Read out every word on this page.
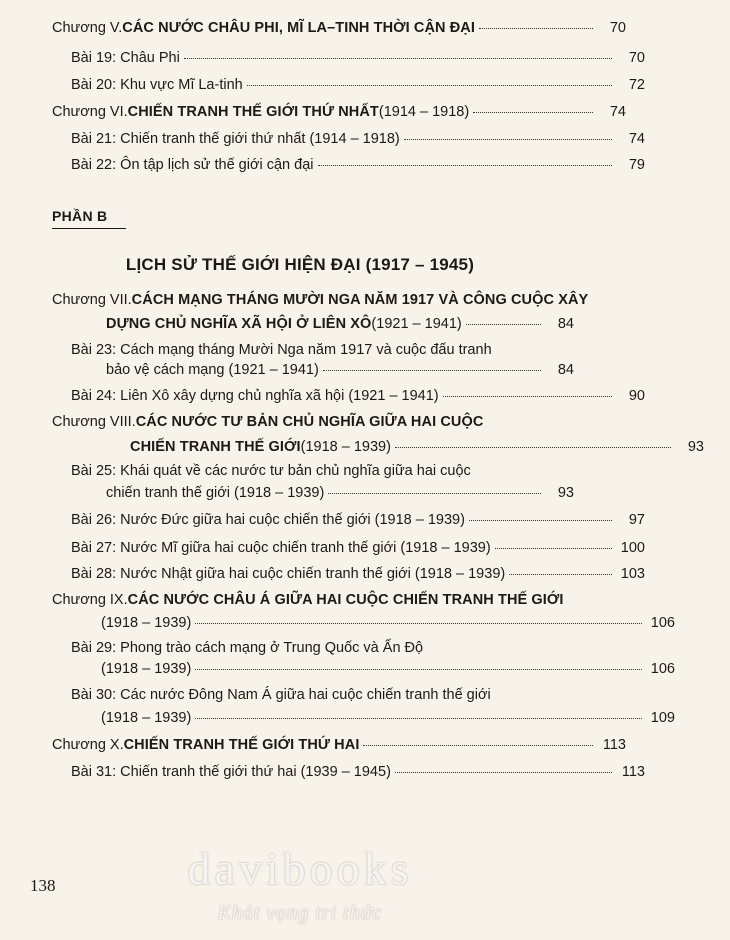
Chương V. CÁC NƯỚC CHÂU PHI, MĨ LA–TINH THỜI CẬN ĐẠI	70
Bài 19: Châu Phi	70
Bài 20: Khu vực Mĩ La-tinh	72
Chương VI. CHIẾN TRANH THẾ GIỚI THỨ NHẤT (1914 – 1918)	74
Bài 21: Chiến tranh thế giới thứ nhất (1914 – 1918)	74
Bài 22: Ôn tập lịch sử thế giới cận đại	79
PHẦN B
LỊCH SỬ THẾ GIỚI HIỆN ĐẠI (1917 – 1945)
Chương VII. CÁCH MẠNG THÁNG MƯỜI NGA NĂM 1917 VÀ CÔNG CUỘC XÂY
DỰNG CHỦ NGHĨA XÃ HỘI Ở LIÊN XÔ (1921 – 1941)	84
Bài 23: Cách mạng tháng Mười Nga năm 1917 và cuộc đấu tranh
bảo vệ cách mạng (1921 – 1941)	84
Bài 24: Liên Xô xây dựng chủ nghĩa xã hội (1921 – 1941)	90
Chương VIII. CÁC NƯỚC TƯ BẢN CHỦ NGHĨA GIỮA HAI CUỘC
CHIẾN TRANH THẾ GIỚI (1918 – 1939)	93
Bài 25: Khái quát về các nước tư bản chủ nghĩa giữa hai cuộc
chiến tranh thế giới (1918 – 1939)	93
Bài 26: Nước Đức giữa hai cuộc chiến thế giới (1918 – 1939)	97
Bài 27: Nước Mĩ giữa hai cuộc chiến tranh thế giới (1918 – 1939)	100
Bài 28: Nước Nhật giữa hai cuộc chiến tranh thế giới (1918 – 1939)	103
Chương IX. CÁC NƯỚC CHÂU Á GIỮA HAI CUỘC CHIẾN TRANH THẾ GIỚI
(1918 – 1939)	106
Bài 29: Phong trào cách mạng ở Trung Quốc và Ấn Độ
(1918 – 1939)	106
Bài 30: Các nước Đông Nam Á giữa hai cuộc chiến tranh thế giới
(1918 – 1939)	109
Chương X. CHIẾN TRANH THẾ GIỚI THỨ HAI	113
Bài 31: Chiến tranh thế giới thứ hai (1939 – 1945)	113
138	davibooks
Khát vọng tri thức
